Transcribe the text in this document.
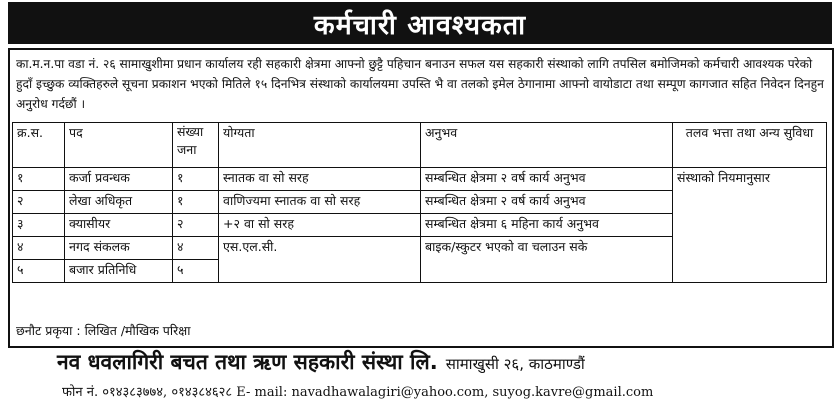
कर्मचारी आवश्यकता
का.म.न.पा वडा नं. २६ सामाखुशीमा प्रधान कार्यालय रही सहकारी क्षेत्रमा आफ्नो छुट्टै पहिचान बनाउन सफल यस सहकारी संस्थाको लागि तपसिल बमोजिमको कर्मचारी आवश्यक परेको हुदाँ इच्छुक व्यक्तिहरुले सूचना प्रकाशन भएको मितिले १५ दिनभित्र संस्थाको कार्यालयमा उपस्ति भै वा तलको इमेल ठेगानामा आफ्नो वायोडाटा तथा सम्पूण कागजात सहित निवेदन दिनहुन अनुरोध गर्दछौं ।
क्र.स.	पद	संख्या जना	योग्यता	अनुभव	तलव भत्ता तथा अन्य सुविधा
१	कर्जा प्रवन्धक	१	स्नातक वा सो सरह	सम्बन्धित क्षेत्रमा २ वर्ष कार्य अनुभव	संस्थाको नियमानुसार
२	लेखा अधिकृत	१	वाणिज्यमा स्नातक वा सो सरह	सम्बन्धित क्षेत्रमा २ वर्ष कार्य अनुभव	
३	क्यासीयर	२	+२ वा सो सरह	सम्बन्धित क्षेत्रमा ६ महिना कार्य अनुभव	
४	नगद संकलक	४	एस.एल.सी.	बाइक/स्कुटर भएको वा चलाउन सके	
५	बजार प्रतिनिधि	५			
छनौट प्रकृया : लिखित /मौखिक परिक्षा
नव धवलागिरी बचत तथा ऋण सहकारी संस्था लि. सामाखुसी २६, काठमाण्डौं
फोन नं. ०१४३८३७७४, ०१४३८४६२८ E- mail: navadhawalagiri@yahoo.com, suyog.kavre@gmail.com
